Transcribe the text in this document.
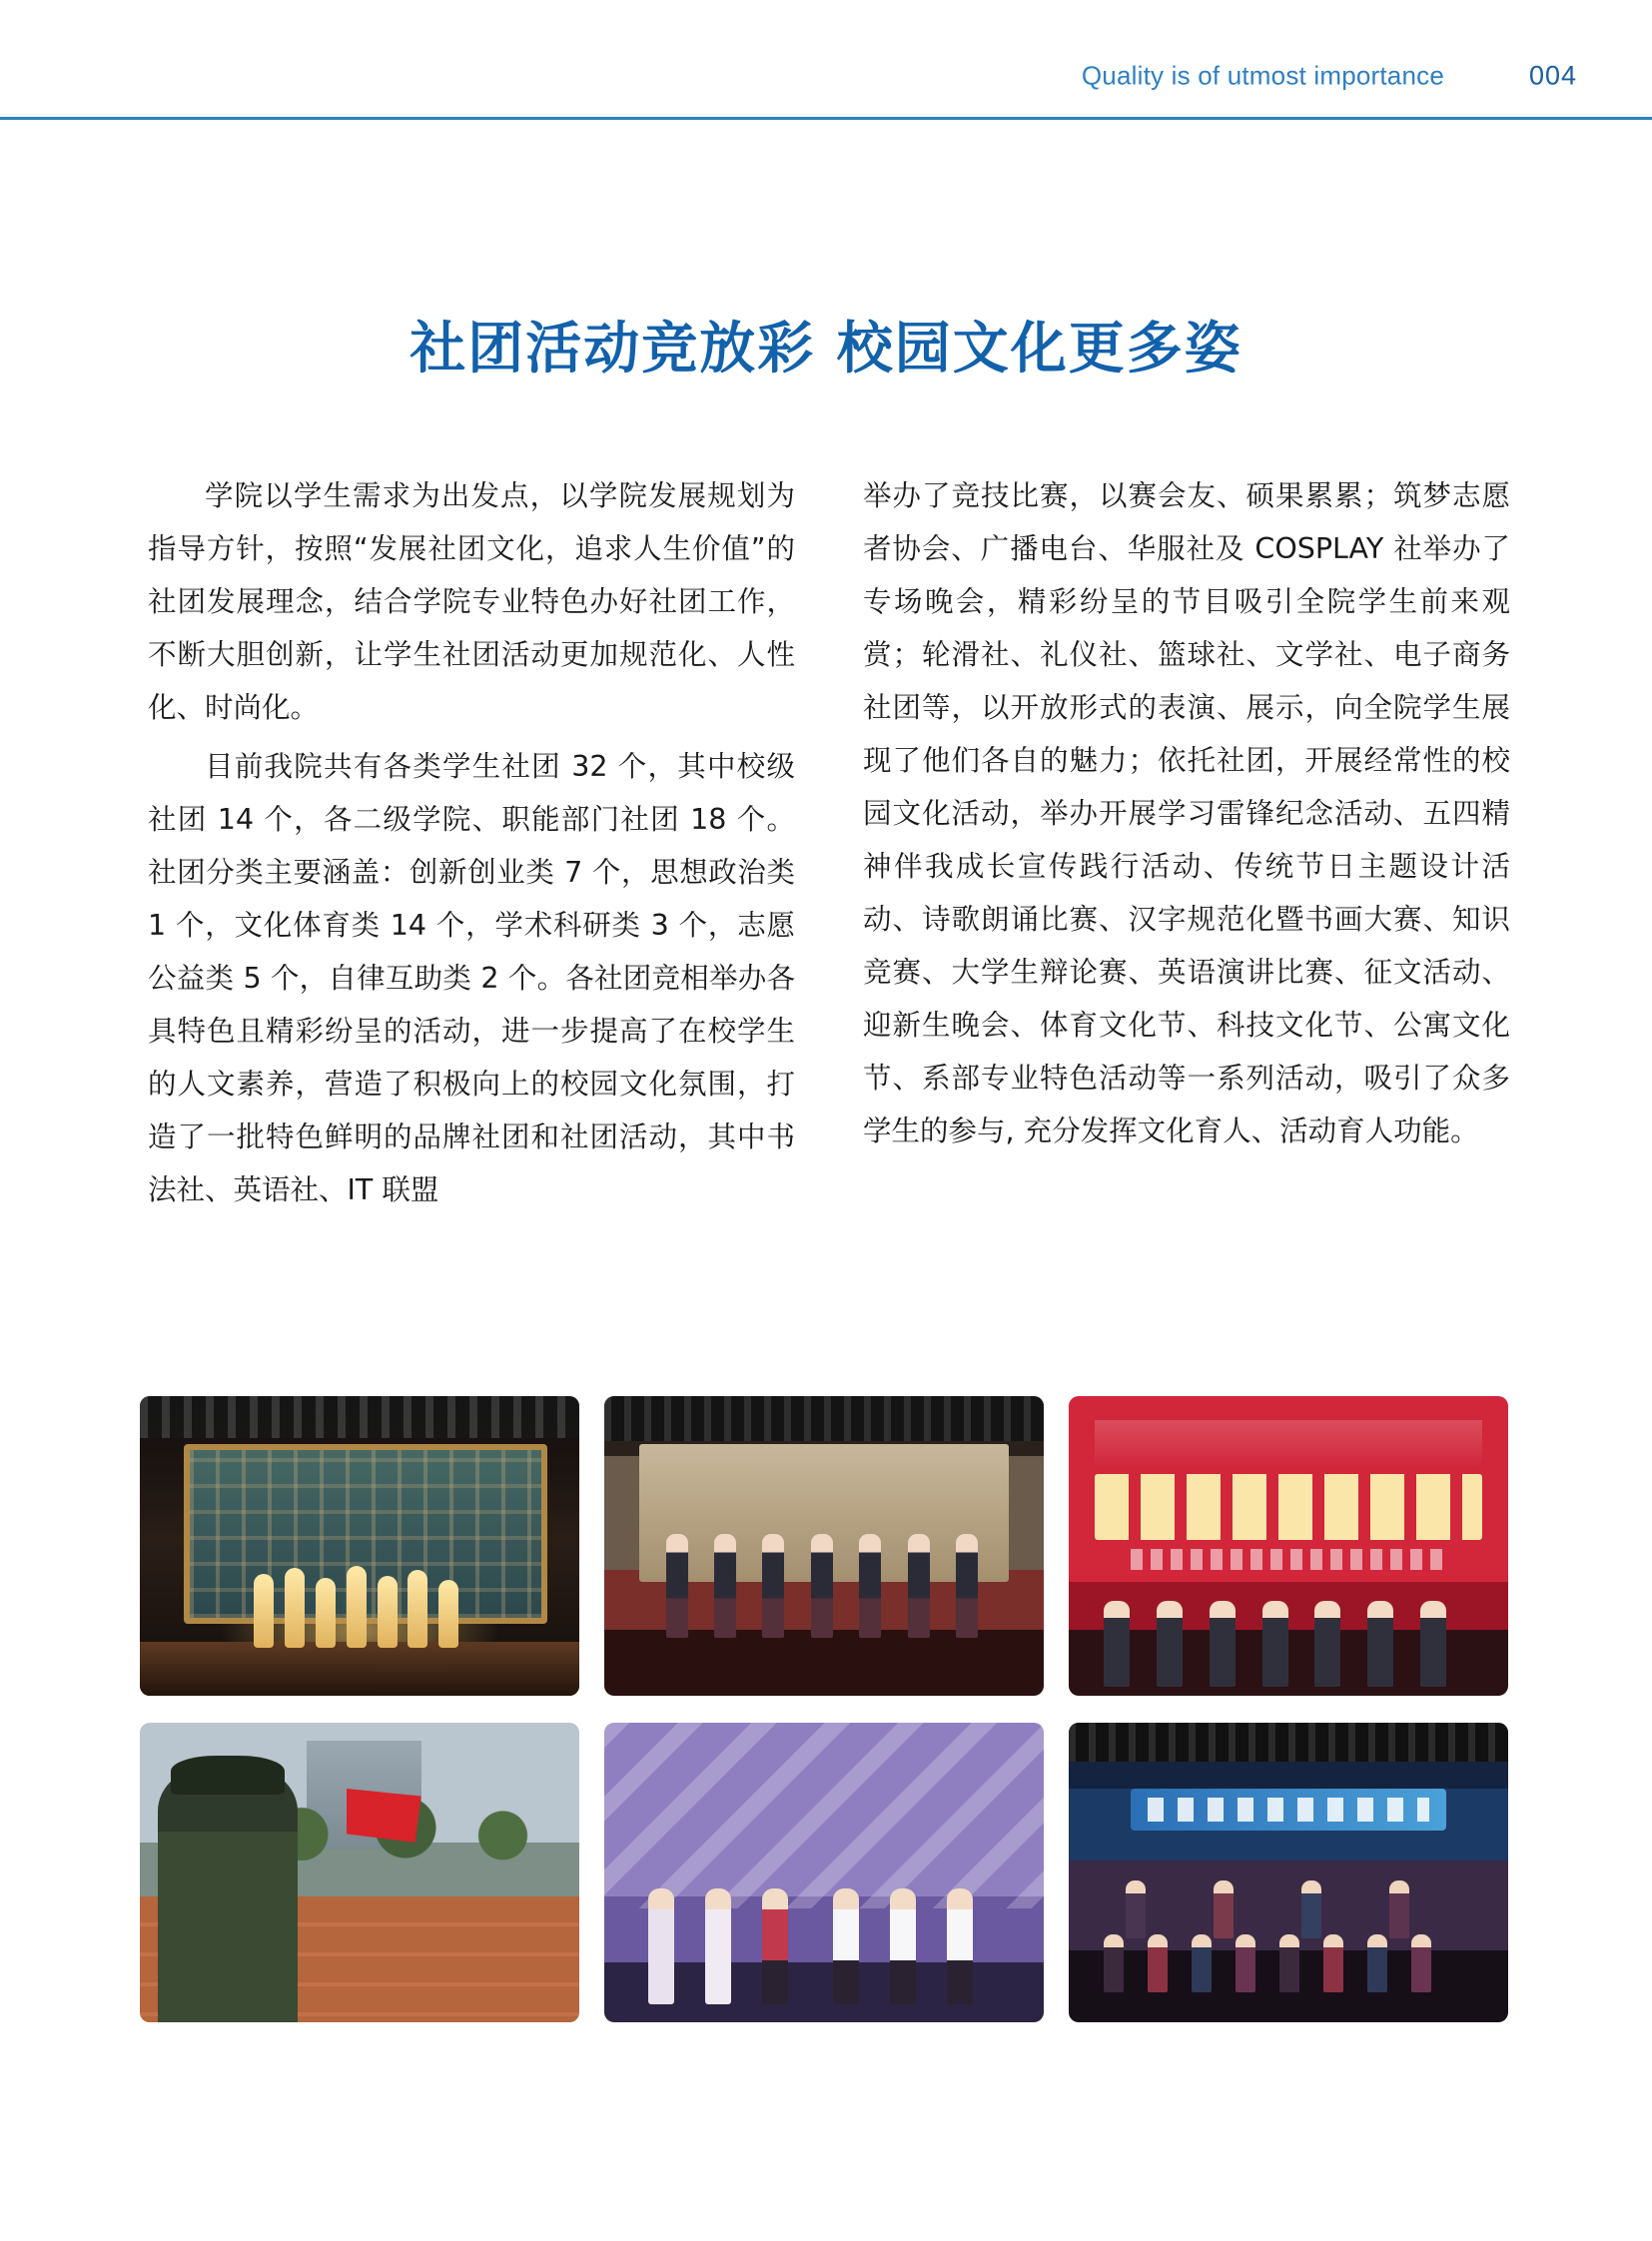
Quality is of utmost importance	004
社团活动竞放彩 校园文化更多姿

学院以学生需求为出发点，以学院发展规划为指导方针，按照“发展社团文化，追求人生价值”的社团发展理念，结合学院专业特色办好社团工作，不断大胆创新，让学生社团活动更加规范化、人性化、时尚化。

目前我院共有各类学生社团 32 个，其中校级社团 14 个，各二级学院、职能部门社团 18 个。社团分类主要涵盖：创新创业类 7 个，思想政治类 1 个，文化体育类 14 个，学术科研类 3 个，志愿公益类 5 个，自律互助类 2 个。各社团竞相举办各具特色且精彩纷呈的活动，进一步提高了在校学生的人文素养，营造了积极向上的校园文化氛围，打造了一批特色鲜明的品牌社团和社团活动，其中书法社、英语社、IT 联盟

举办了竞技比赛，以赛会友、硕果累累；筑梦志愿者协会、广播电台、华服社及 COSPLAY 社举办了专场晚会，精彩纷呈的节目吸引全院学生前来观赏；轮滑社、礼仪社、篮球社、文学社、电子商务社团等，以开放形式的表演、展示，向全院学生展现了他们各自的魅力；依托社团，开展经常性的校园文化活动，举办开展学习雷锋纪念活动、五四精神伴我成长宣传践行活动、传统节日主题设计活动、诗歌朗诵比赛、汉字规范化暨书画大赛、知识竞赛、大学生辩论赛、英语演讲比赛、征文活动、迎新生晚会、体育文化节、科技文化节、公寓文化节、系部专业特色活动等一系列活动，吸引了众多学生的参与, 充分发挥文化育人、活动育人功能。
